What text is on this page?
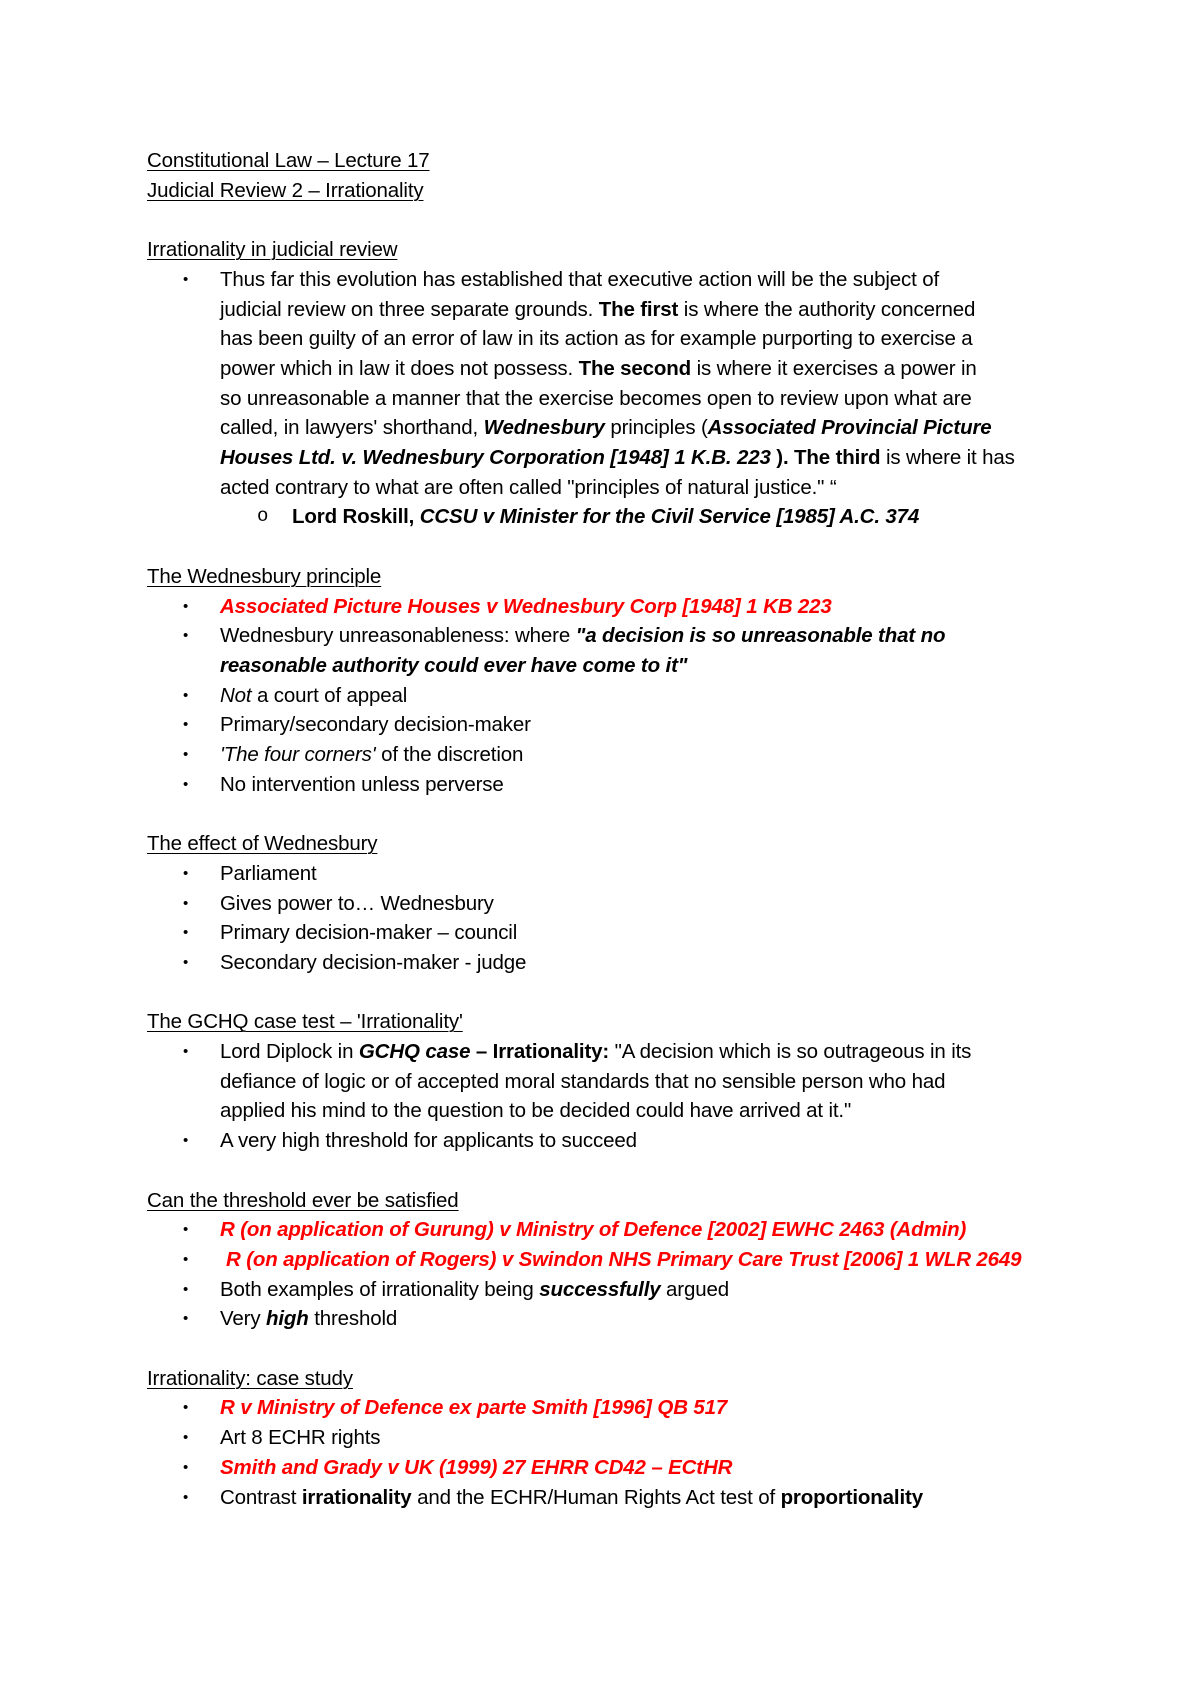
Constitutional Law – Lecture 17
Judicial Review 2 – Irrationality
Irrationality in judicial review
• Thus far this evolution has established that executive action will be the subject of
judicial review on three separate grounds. The first is where the authority concerned
has been guilty of an error of law in its action as for example purporting to exercise a
power which in law it does not possess. The second is where it exercises a power in
so unreasonable a manner that the exercise becomes open to review upon what are
called, in lawyers' shorthand, Wednesbury principles (Associated Provincial Picture
Houses Ltd. v. Wednesbury Corporation [1948] 1 K.B. 223 ). The third is where it has
acted contrary to what are often called "principles of natural justice." “
o Lord Roskill, CCSU v Minister for the Civil Service [1985] A.C. 374
The Wednesbury principle
• Associated Picture Houses v Wednesbury Corp [1948] 1 KB 223
• Wednesbury unreasonableness: where "a decision is so unreasonable that no
reasonable authority could ever have come to it"
• Not a court of appeal
• Primary/secondary decision-maker
• 'The four corners' of the discretion
• No intervention unless perverse
The effect of Wednesbury
• Parliament
• Gives power to… Wednesbury
• Primary decision-maker – council
• Secondary decision-maker - judge
The GCHQ case test – 'Irrationality'
• Lord Diplock in GCHQ case – Irrationality: "A decision which is so outrageous in its
defiance of logic or of accepted moral standards that no sensible person who had
applied his mind to the question to be decided could have arrived at it."
• A very high threshold for applicants to succeed
Can the threshold ever be satisfied
• R (on application of Gurung) v Ministry of Defence [2002] EWHC 2463 (Admin)
• R (on application of Rogers) v Swindon NHS Primary Care Trust [2006] 1 WLR 2649
• Both examples of irrationality being successfully argued
• Very high threshold
Irrationality: case study
• R v Ministry of Defence ex parte Smith [1996] QB 517
• Art 8 ECHR rights
• Smith and Grady v UK (1999) 27 EHRR CD42 – ECtHR
• Contrast irrationality and the ECHR/Human Rights Act test of proportionality
